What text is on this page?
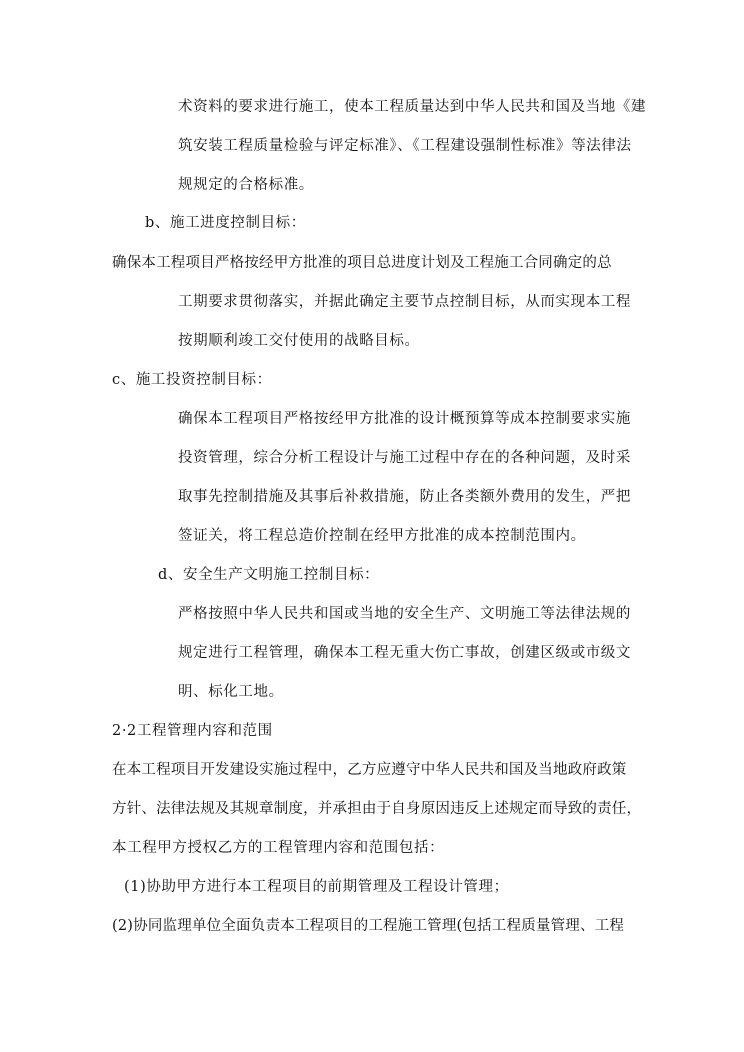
术资料的要求进行施工，使本工程质量达到中华人民共和国及当地《建
筑安装工程质量检验与评定标准》、《工程建设强制性标准》等法律法
规规定的合格标准。
b、施工进度控制目标：
确保本工程项目严格按经甲方批准的项目总进度计划及工程施工合同确定的总
工期要求贯彻落实，并据此确定主要节点控制目标，从而实现本工程
按期顺利竣工交付使用的战略目标。
c、施工投资控制目标：
确保本工程项目严格按经甲方批准的设计概预算等成本控制要求实施
投资管理，综合分析工程设计与施工过程中存在的各种问题，及时采
取事先控制措施及其事后补救措施，防止各类额外费用的发生，严把
签证关，将工程总造价控制在经甲方批准的成本控制范围内。
d、安全生产文明施工控制目标：
严格按照中华人民共和国或当地的安全生产、文明施工等法律法规的
规定进行工程管理，确保本工程无重大伤亡事故，创建区级或市级文
明、标化工地。
2·2工程管理内容和范围
在本工程项目开发建设实施过程中，乙方应遵守中华人民共和国及当地政府政策
方针、法律法规及其规章制度，并承担由于自身原因违反上述规定而导致的责任，
本工程甲方授权乙方的工程管理内容和范围包括：
(1)协助甲方进行本工程项目的前期管理及工程设计管理；
(2)协同监理单位全面负责本工程项目的工程施工管理(包括工程质量管理、工程
